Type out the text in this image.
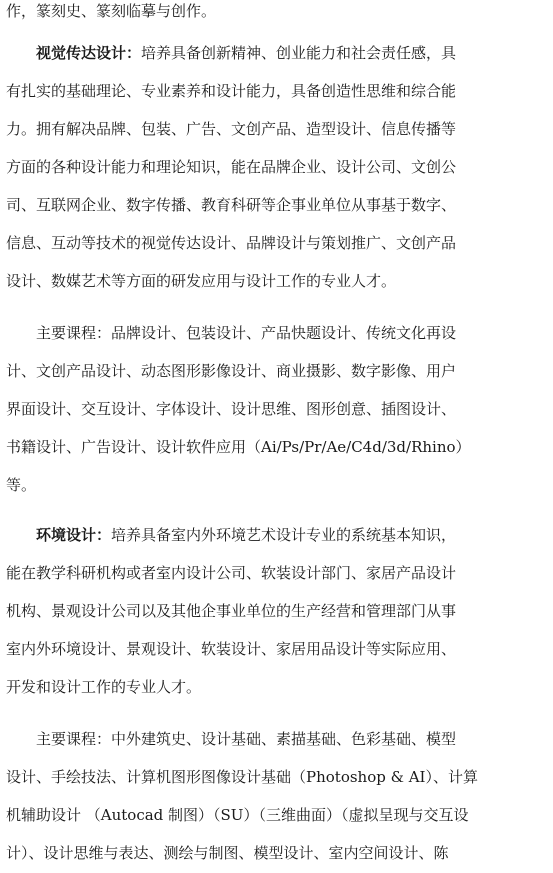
作，篆刻史、篆刻临摹与创作。
视觉传达设计：培养具备创新精神、创业能力和社会责任感，具
有扎实的基础理论、专业素养和设计能力，具备创造性思维和综合能
力。拥有解决品牌、包装、广告、文创产品、造型设计、信息传播等
方面的各种设计能力和理论知识，能在品牌企业、设计公司、文创公
司、互联网企业、数字传播、教育科研等企事业单位从事基于数字、
信息、互动等技术的视觉传达设计、品牌设计与策划推广、文创产品
设计、数媒艺术等方面的研发应用与设计工作的专业人才。
主要课程：品牌设计、包装设计、产品快题设计、传统文化再设
计、文创产品设计、动态图形影像设计、商业摄影、数字影像、用户
界面设计、交互设计、字体设计、设计思维、图形创意、插图设计、
书籍设计、广告设计、设计软件应用（Ai/Ps/Pr/Ae/C4d/3d/Rhino）
等。
环境设计：培养具备室内外环境艺术设计专业的系统基本知识，
能在教学科研机构或者室内设计公司、软装设计部门、家居产品设计
机构、景观设计公司以及其他企事业单位的生产经营和管理部门从事
室内外环境设计、景观设计、软装设计、家居用品设计等实际应用、
开发和设计工作的专业人才。
主要课程：中外建筑史、设计基础、素描基础、色彩基础、模型
设计、手绘技法、计算机图形图像设计基础（Photoshop & AI）、计算
机辅助设计 （Autocad 制图）（SU）（三维曲面）（虚拟呈现与交互设
计）、设计思维与表达、测绘与制图、模型设计、室内空间设计、陈
